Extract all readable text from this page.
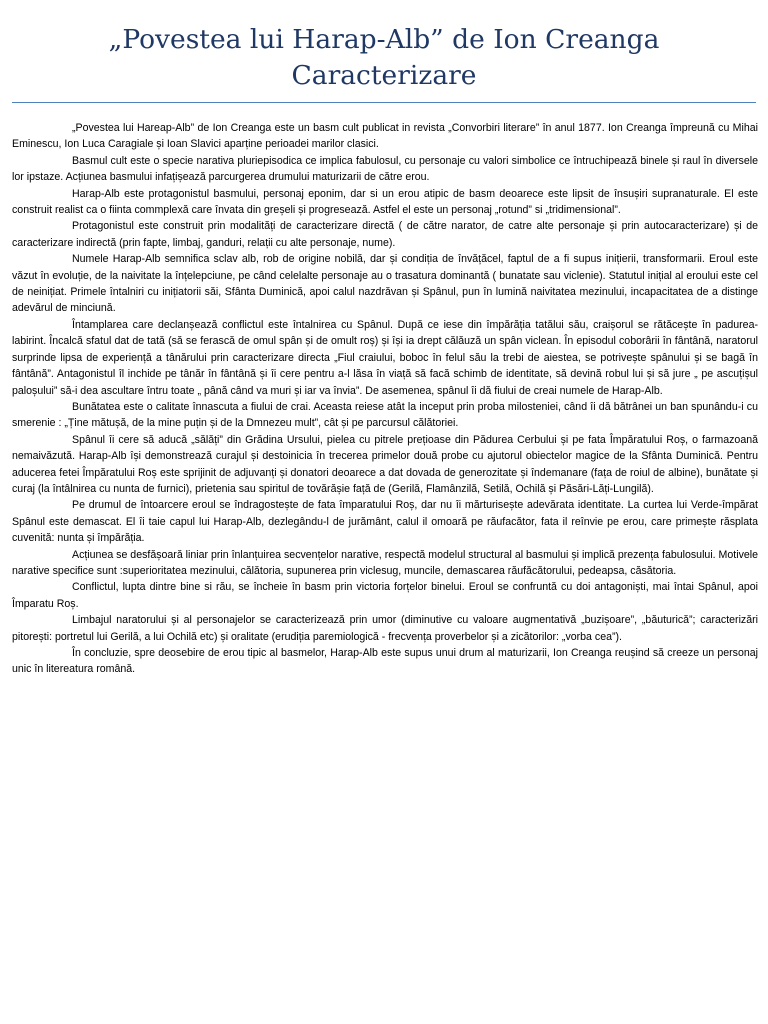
„Povestea lui Harap-Alb” de Ion Creanga
Caracterizare

„Povestea lui Hareap-Alb” de Ion Creanga este un basm cult publicat in revista „Convorbiri literare” în anul 1877. Ion Creanga împreună cu Mihai Eminescu, Ion Luca Caragiale și Ioan Slavici aparține perioadei marilor clasici.

Basmul cult este o specie narativa pluriepisodica ce implica fabulosul, cu personaje cu valori simbolice ce întruchipează binele și raul în diversele lor ipstaze. Acțiunea basmului infațișează parcurgerea drumului maturizarii de către erou.

Harap-Alb este protagonistul basmului, personaj eponim, dar si un erou atipic de basm deoarece este lipsit de însușiri supranaturale. El este construit realist ca o fiinta commplexă care învata din greșeli și progresează. Astfel el este un personaj „rotund” si „tridimensional”.

Protagonistul este construit prin modalități de caracterizare directă ( de către narator, de catre alte personaje și prin autocaracterizare) și de caracterizare indirectă (prin fapte, limbaj, ganduri, relații cu alte personaje, nume).

Numele Harap-Alb semnifica sclav alb, rob de origine nobilă, dar și condiția de învățăcel, faptul de a fi supus inițierii, transformarii. Eroul este văzut în evoluție, de la naivitate la înțelepciune, pe când celelalte personaje au o trasatura dominantă ( bunatate sau viclenie). Statutul inițial al eroului este cel de neinițiat. Primele întalniri cu inițiatorii săi, Sfânta Duminică, apoi calul nazdrăvan și Spânul, pun în lumină naivitatea mezinului, incapacitatea de a distinge adevărul de minciună.

Întamplarea care declanșează conflictul este întalnirea cu Spânul. După ce iese din împărăția tatălui său, craișorul se rătăcește în padurea-labirint. Încalcă sfatul dat de tată (să se ferască de omul spân și de omult roș) și își ia drept călăuză un spân viclean. În episodul coborârii în fântână, naratorul surprinde lipsa de experiență a tânărului prin caracterizare directa „Fiul craiului, boboc în felul său la trebi de aiestea, se potrivește spânului și se bagă în fântână”. Antagonistul îl inchide pe tânăr în fântână și îi cere pentru a-l lăsa în viață să facă schimb de identitate, să devină robul lui și să jure „ pe ascuțișul paloșului” să-i dea ascultare întru toate „ până când va muri și iar va învia”. De asemenea, spânul îi dă fiului de creai numele de Harap-Alb.

Bunătatea este o calitate înnascuta a fiului de crai. Aceasta reiese atât la inceput prin proba milosteniei, când îi dă bătrânei un ban spunându-i cu smerenie : „Ține mătușă, de la mine puțin și de la Dmnezeu mult”, cât și pe parcursul călătoriei.

Spânul îi cere să aducă „sălăți” din Grădina Ursului, pielea cu pitrele prețioase din Pădurea Cerbului și pe fata Împăratului Roș, o farmazoană nemaivăzută. Harap-Alb își demonstrează curajul și destoinicia în trecerea primelor două probe cu ajutorul obiectelor magice de la Sfânta Duminică. Pentru aducerea fetei Împăratului Roș este sprijinit de adjuvanți și donatori deoarece a dat dovada de generozitate și îndemanare (fața de roiul de albine), bunătate și curaj (la întâlnirea cu nunta de furnici), prietenia sau spiritul de tovărășie față de (Gerilă, Flamânzilă, Setilă, Ochilă și Păsări-Lăți-Lungilă).

Pe drumul de întoarcere eroul se îndragostește de fata împaratului Roș, dar nu îi mărturisește adevărata identitate. La curtea lui Verde-împărat Spânul este demascat. El îi taie capul lui Harap-Alb, dezlegându-l de jurământ, calul il omoară pe răufacător, fata il reînvie pe erou, care primește răsplata cuvenită: nunta și împărăția.

Acțiunea se desfășoară liniar prin înlanțuirea secvențelor narative, respectă modelul structural al basmului și implică prezența fabulosului. Motivele narative specifice sunt :superioritatea mezinului, călătoria, supunerea prin viclesug, muncile, demascarea răufăcătorului, pedeapsa, căsătoria.

Conflictul, lupta dintre bine si rău, se încheie în basm prin victoria forțelor binelui. Eroul se confruntă cu doi antagoniști, mai întai Spânul, apoi Împaratu Roș.

Limbajul naratorului și al personajelor se caracterizează prin umor (diminutive cu valoare augmentativă „buzișoare”, „băuturică”; caracterizări pitorești: portretul lui Gerilă, a lui Ochilă etc) și oralitate (erudiția paremiologică - frecvența proverbelor și a zicătorilor: „vorba cea”).

În concluzie, spre deosebire de erou tipic al basmelor, Harap-Alb este supus unui drum al maturizarii, Ion Creanga reușind să creeze un personaj unic în litereatura română.
